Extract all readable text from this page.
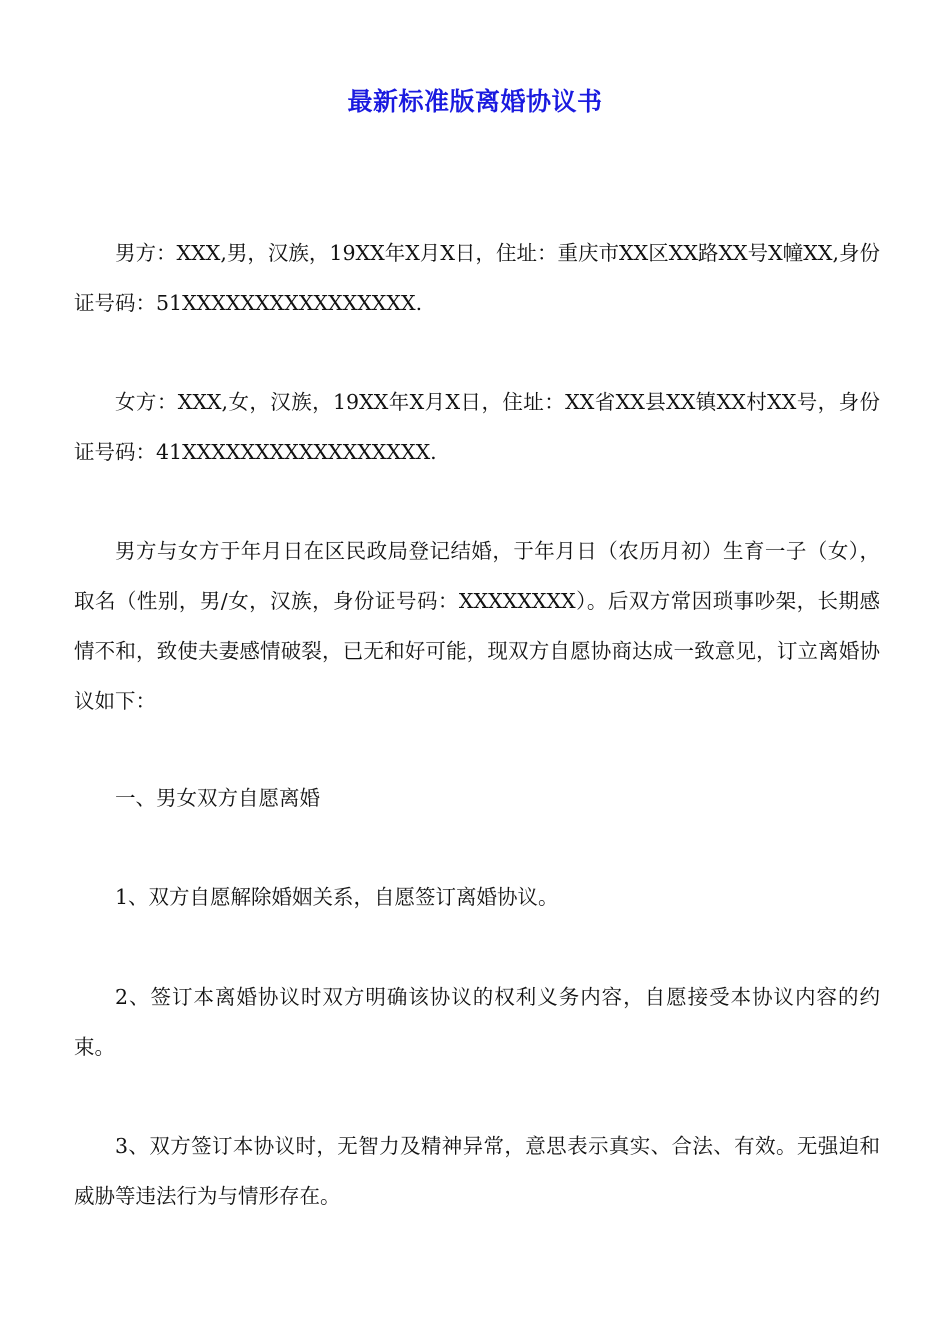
最新标准版离婚协议书

男方：XXX,男，汉族，19XX年X月X日，住址：重庆市XX区XX路XX号X幢XX,身份证号码：51XXXXXXXXXXXXXXXX.

女方：XXX,女，汉族，19XX年X月X日，住址：XX省XX县XX镇XX村XX号，身份证号码：41XXXXXXXXXXXXXXXXX.

男方与女方于年月日在区民政局登记结婚，于年月日（农历月初）生育一子（女），取名（性别，男/女，汉族，身份证号码：XXXXXXXX）。后双方常因琐事吵架，长期感情不和，致使夫妻感情破裂，已无和好可能，现双方自愿协商达成一致意见，订立离婚协议如下：

一、男女双方自愿离婚

1、双方自愿解除婚姻关系，自愿签订离婚协议。

2、签订本离婚协议时双方明确该协议的权利义务内容，自愿接受本协议内容的约束。

3、双方签订本协议时，无智力及精神异常，意思表示真实、合法、有效。无强迫和威胁等违法行为与情形存在。
